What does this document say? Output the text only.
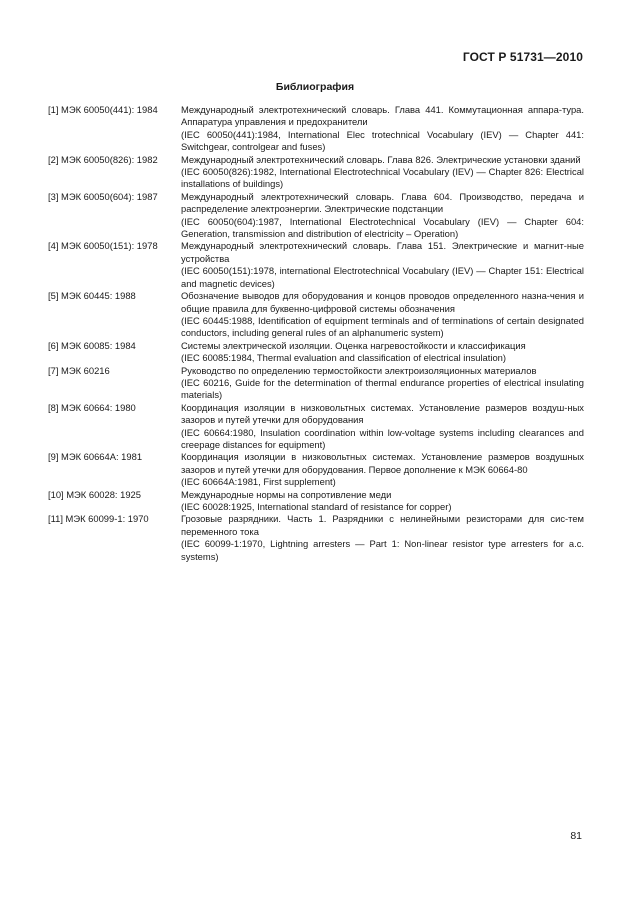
ГОСТ Р 51731—2010
Библиография
[1] МЭК 60050(441): 1984	Международный электротехнический словарь. Глава 441. Коммутационная аппара-тура. Аппаратура управления и предохранители
(IEC 60050(441):1984, International Elec trotechnical Vocabulary (IEV) — Chapter 441: Switchgear, controlgear and fuses)
[2] МЭК 60050(826): 1982	Международный электротехнический словарь. Глава 826. Электрические установки зданий
(IEC 60050(826):1982, International Electrotechnical Vocabulary (IEV) — Chapter 826: Electrical installations of buildings)
[3] МЭК 60050(604): 1987	Международный электротехнический словарь. Глава 604. Производство, передача и распределение электроэнергии. Электрические подстанции
(IEC 60050(604):1987, International Electrotechnical Vocabulary (IEV) — Chapter 604: Generation, transmission and distribution of electricity – Operation)
[4] МЭК 60050(151): 1978	Международный электротехнический словарь. Глава 151. Электрические и магнит-ные устройства
(IEC 60050(151):1978, international Electrotechnical Vocabulary (IEV) — Chapter 151: Electrical and magnetic devices)
[5] МЭК 60445: 1988	Обозначение выводов для оборудования и концов проводов определенного назна-чения и общие правила для буквенно-цифровой системы обозначения
(IEC 60445:1988, Identification of equipment terminals and of terminations of certain designated conductors, including general rules of an alphanumeric system)
[6] МЭК 60085: 1984	Системы электрической изоляции. Оценка нагревостойкости и классификация
(IEC 60085:1984, Thermal evaluation and classification of electrical insulation)
[7] МЭК 60216	Руководство по определению термостойкости электроизоляционных материалов
(IEC 60216, Guide for the determination of thermal endurance properties of electrical insulating materials)
[8] МЭК 60664: 1980	Координация изоляции в низковольтных системах. Установление размеров воздуш-ных зазоров и путей утечки для оборудования
(IEC 60664:1980, Insulation coordination within low-voltage systems including clearances and creepage distances for equipment)
[9] МЭК 60664А: 1981	Координация изоляции в низковольтных системах. Установление размеров воздушных зазоров и путей утечки для оборудования. Первое дополнение к МЭК 60664-80
(IEC 60664A:1981, First supplement)
[10] МЭК 60028: 1925	Международные нормы на сопротивление меди
(IEC 60028:1925, International standard of resistance for copper)
[11] МЭК 60099-1: 1970	Грозовые разрядники. Часть 1. Разрядники с нелинейными резисторами для сис-тем переменного тока
(IEC 60099-1:1970, Lightning arresters — Part 1: Non-linear resistor type arresters for a.c. systems)
81
